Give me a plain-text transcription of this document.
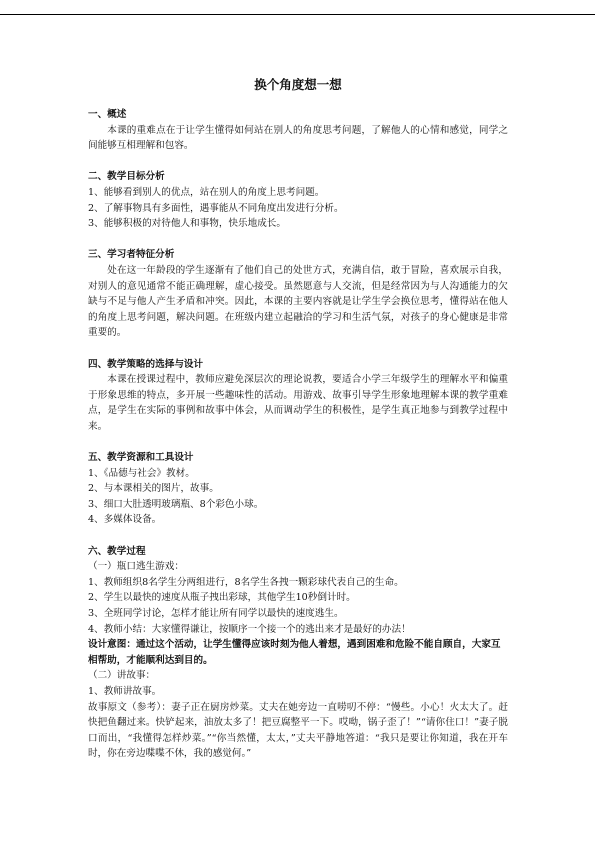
换个角度想一想
一、概述

本课的重难点在于让学生懂得如何站在别人的角度思考问题，了解他人的心情和感觉，同学之间能够互相理解和包容。

二、教学目标分析

1、能够看到别人的优点，站在别人的角度上思考问题。

2、了解事物具有多面性，遇事能从不同角度出发进行分析。

3、能够积极的对待他人和事物，快乐地成长。

三、学习者特征分析

处在这一年龄段的学生逐渐有了他们自己的处世方式，充满自信，敢于冒险，喜欢展示自我，对别人的意见通常不能正确理解，虚心接受。虽然愿意与人交流，但是经常因为与人沟通能力的欠缺与不足与他人产生矛盾和冲突。因此，本课的主要内容就是让学生学会换位思考，懂得站在他人的角度上思考问题，解决问题。在班级内建立起融洽的学习和生活气氛，对孩子的身心健康是非常重要的。

四、教学策略的选择与设计

本课在授课过程中，教师应避免深层次的理论说教，要适合小学三年级学生的理解水平和偏重于形象思维的特点，多开展一些趣味性的活动。用游戏、故事引导学生形象地理解本课的教学重难点，是学生在实际的事例和故事中体会，从而调动学生的积极性，是学生真正地参与到教学过程中来。

五、教学资源和工具设计

1、《品德与社会》教材。

2、与本课相关的图片，故事。

3、细口大肚透明玻璃瓶、8个彩色小球。

4、多媒体设备。

六、教学过程

（一）瓶口逃生游戏：

1、教师组织8名学生分两组进行，8名学生各拽一颗彩球代表自己的生命。

2、学生以最快的速度从瓶子拽出彩球，其他学生10秒倒计时。

3、全班同学讨论，怎样才能让所有同学以最快的速度逃生。

4、教师小结：大家懂得谦让，按顺序一个接一个的逃出来才是最好的办法！

设计意图：通过这个活动，让学生懂得应该时刻为他人着想，遇到困难和危险不能自顾自，大家互相帮助，才能顺利达到目的。

（二）讲故事：

1、教师讲故事。

故事原文（参考）：妻子正在厨房炒菜。丈夫在她旁边一直唠叨不停：“慢些。小心！火太大了。赶快把鱼翻过来。快铲起来，油放太多了！把豆腐整平一下。哎呦，锅子歪了！”“请你住口！”妻子脱口而出，“我懂得怎样炒菜。”“你当然懂，太太，”丈夫平静地答道：“我只是要让你知道，我在开车时，你在旁边喋喋不休，我的感觉何。”
